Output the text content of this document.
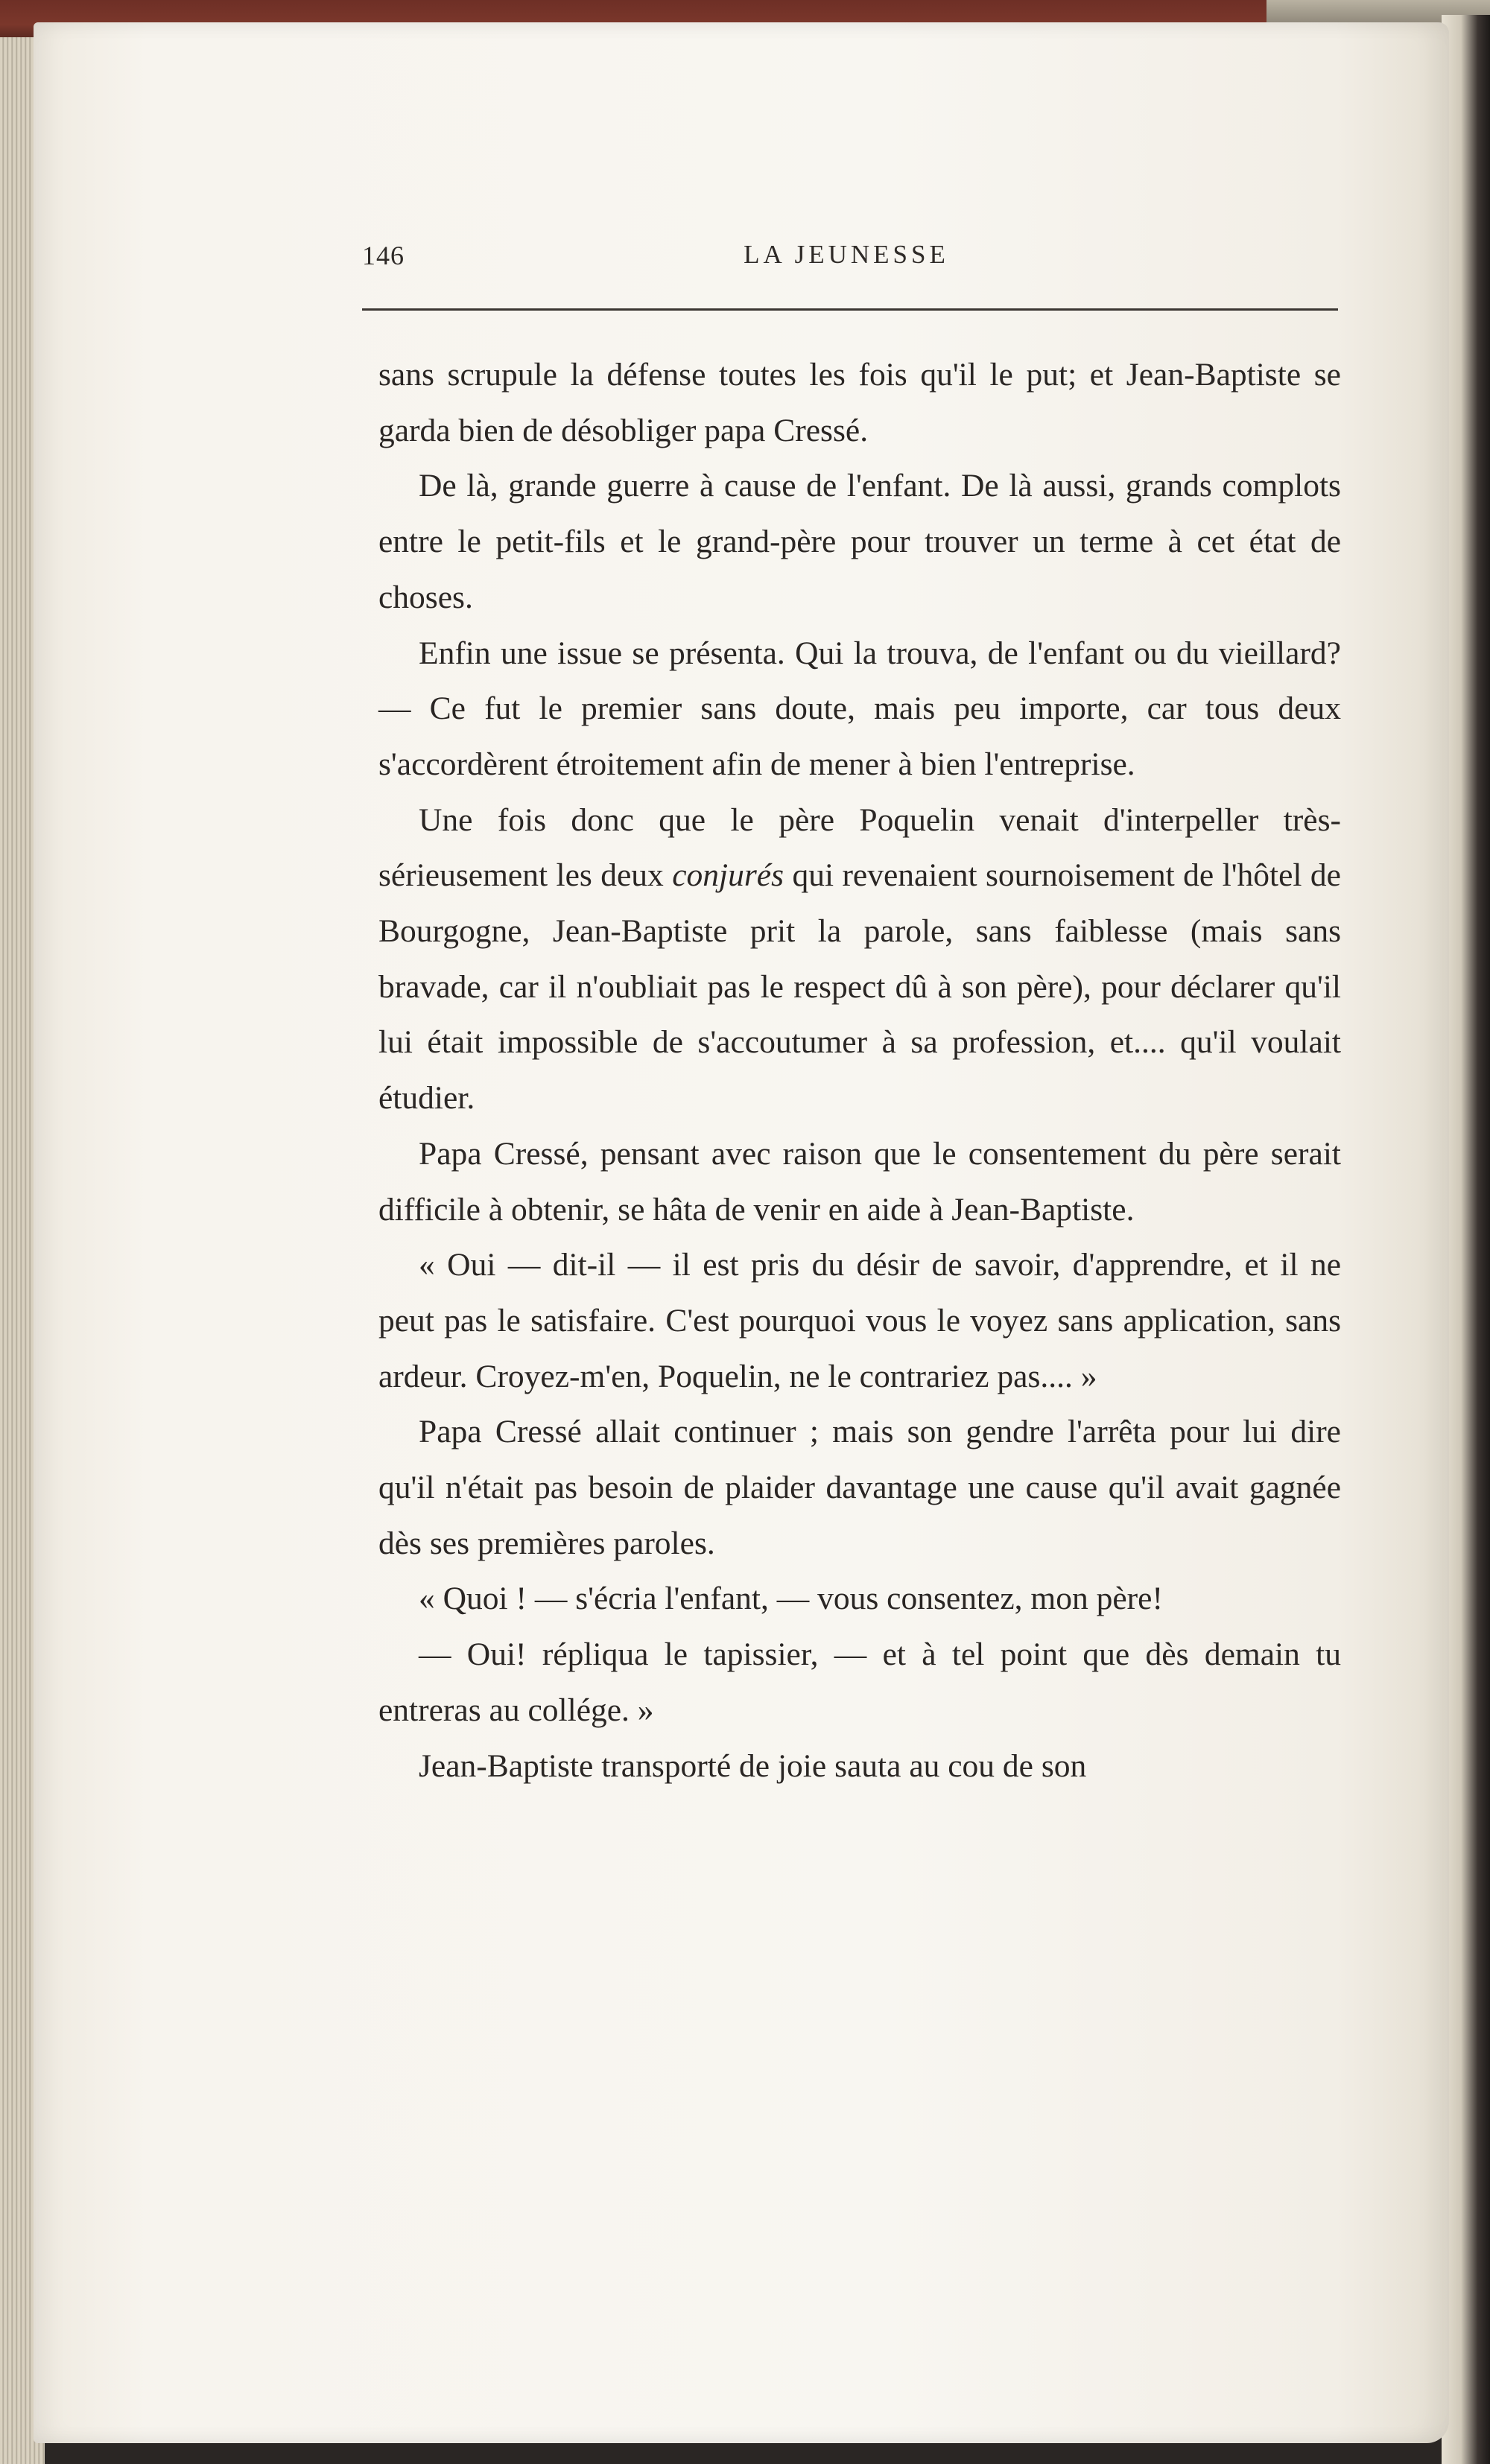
146	LA JEUNESSE

sans scrupule la défense toutes les fois qu'il le put; et Jean-Baptiste se garda bien de désobliger papa Cressé.

De là, grande guerre à cause de l'enfant. De là aussi, grands complots entre le petit-fils et le grand-père pour trouver un terme à cet état de choses.

Enfin une issue se présenta. Qui la trouva, de l'enfant ou du vieillard? — Ce fut le premier sans doute, mais peu importe, car tous deux s'accordèrent étroitement afin de mener à bien l'entreprise.

Une fois donc que le père Poquelin venait d'interpeller très-sérieusement les deux conjurés qui revenaient sournoisement de l'hôtel de Bourgogne, Jean-Baptiste prit la parole, sans faiblesse (mais sans bravade, car il n'oubliait pas le respect dû à son père), pour déclarer qu'il lui était impossible de s'accoutumer à sa profession, et.... qu'il voulait étudier.

Papa Cressé, pensant avec raison que le consentement du père serait difficile à obtenir, se hâta de venir en aide à Jean-Baptiste.

« Oui — dit-il — il est pris du désir de savoir, d'apprendre, et il ne peut pas le satisfaire. C'est pourquoi vous le voyez sans application, sans ardeur. Croyez-m'en, Poquelin, ne le contrariez pas.... »

Papa Cressé allait continuer ; mais son gendre l'arrêta pour lui dire qu'il n'était pas besoin de plaider davantage une cause qu'il avait gagnée dès ses premières paroles.

« Quoi ! — s'écria l'enfant, — vous consentez, mon père!

— Oui! répliqua le tapissier, — et à tel point que dès demain tu entreras au collége. »

Jean-Baptiste transporté de joie sauta au cou de son
